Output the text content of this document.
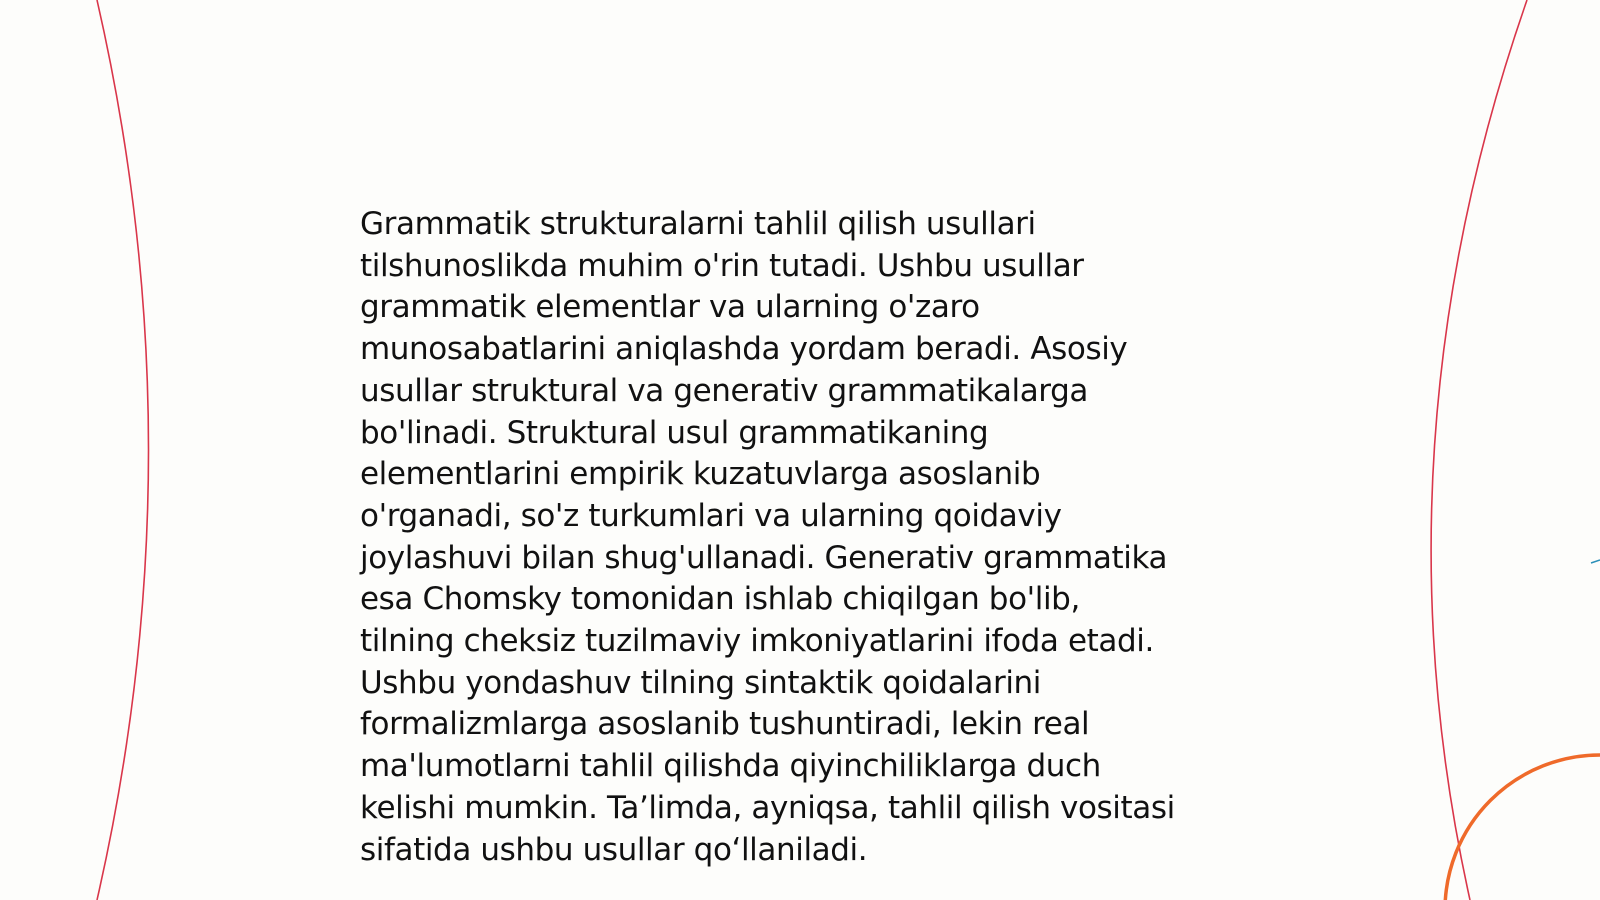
Grammatik strukturalarni tahlil qilish usullari
tilshunoslikda muhim o'rin tutadi. Ushbu usullar
grammatik elementlar va ularning o'zaro
munosabatlarini aniqlashda yordam beradi. Asosiy
usullar struktural va generativ grammatikalarga
bo'linadi. Struktural usul grammatikaning
elementlarini empirik kuzatuvlarga asoslanib
o'rganadi, so'z turkumlari va ularning qoidaviy
joylashuvi bilan shug'ullanadi. Generativ grammatika
esa Chomsky tomonidan ishlab chiqilgan bo'lib,
tilning cheksiz tuzilmaviy imkoniyatlarini ifoda etadi.
Ushbu yondashuv tilning sintaktik qoidalarini
formalizmlarga asoslanib tushuntiradi, lekin real
ma'lumotlarni tahlil qilishda qiyinchiliklarga duch
kelishi mumkin. Ta’limda, ayniqsa, tahlil qilish vositasi
sifatida ushbu usullar qo‘llaniladi.
